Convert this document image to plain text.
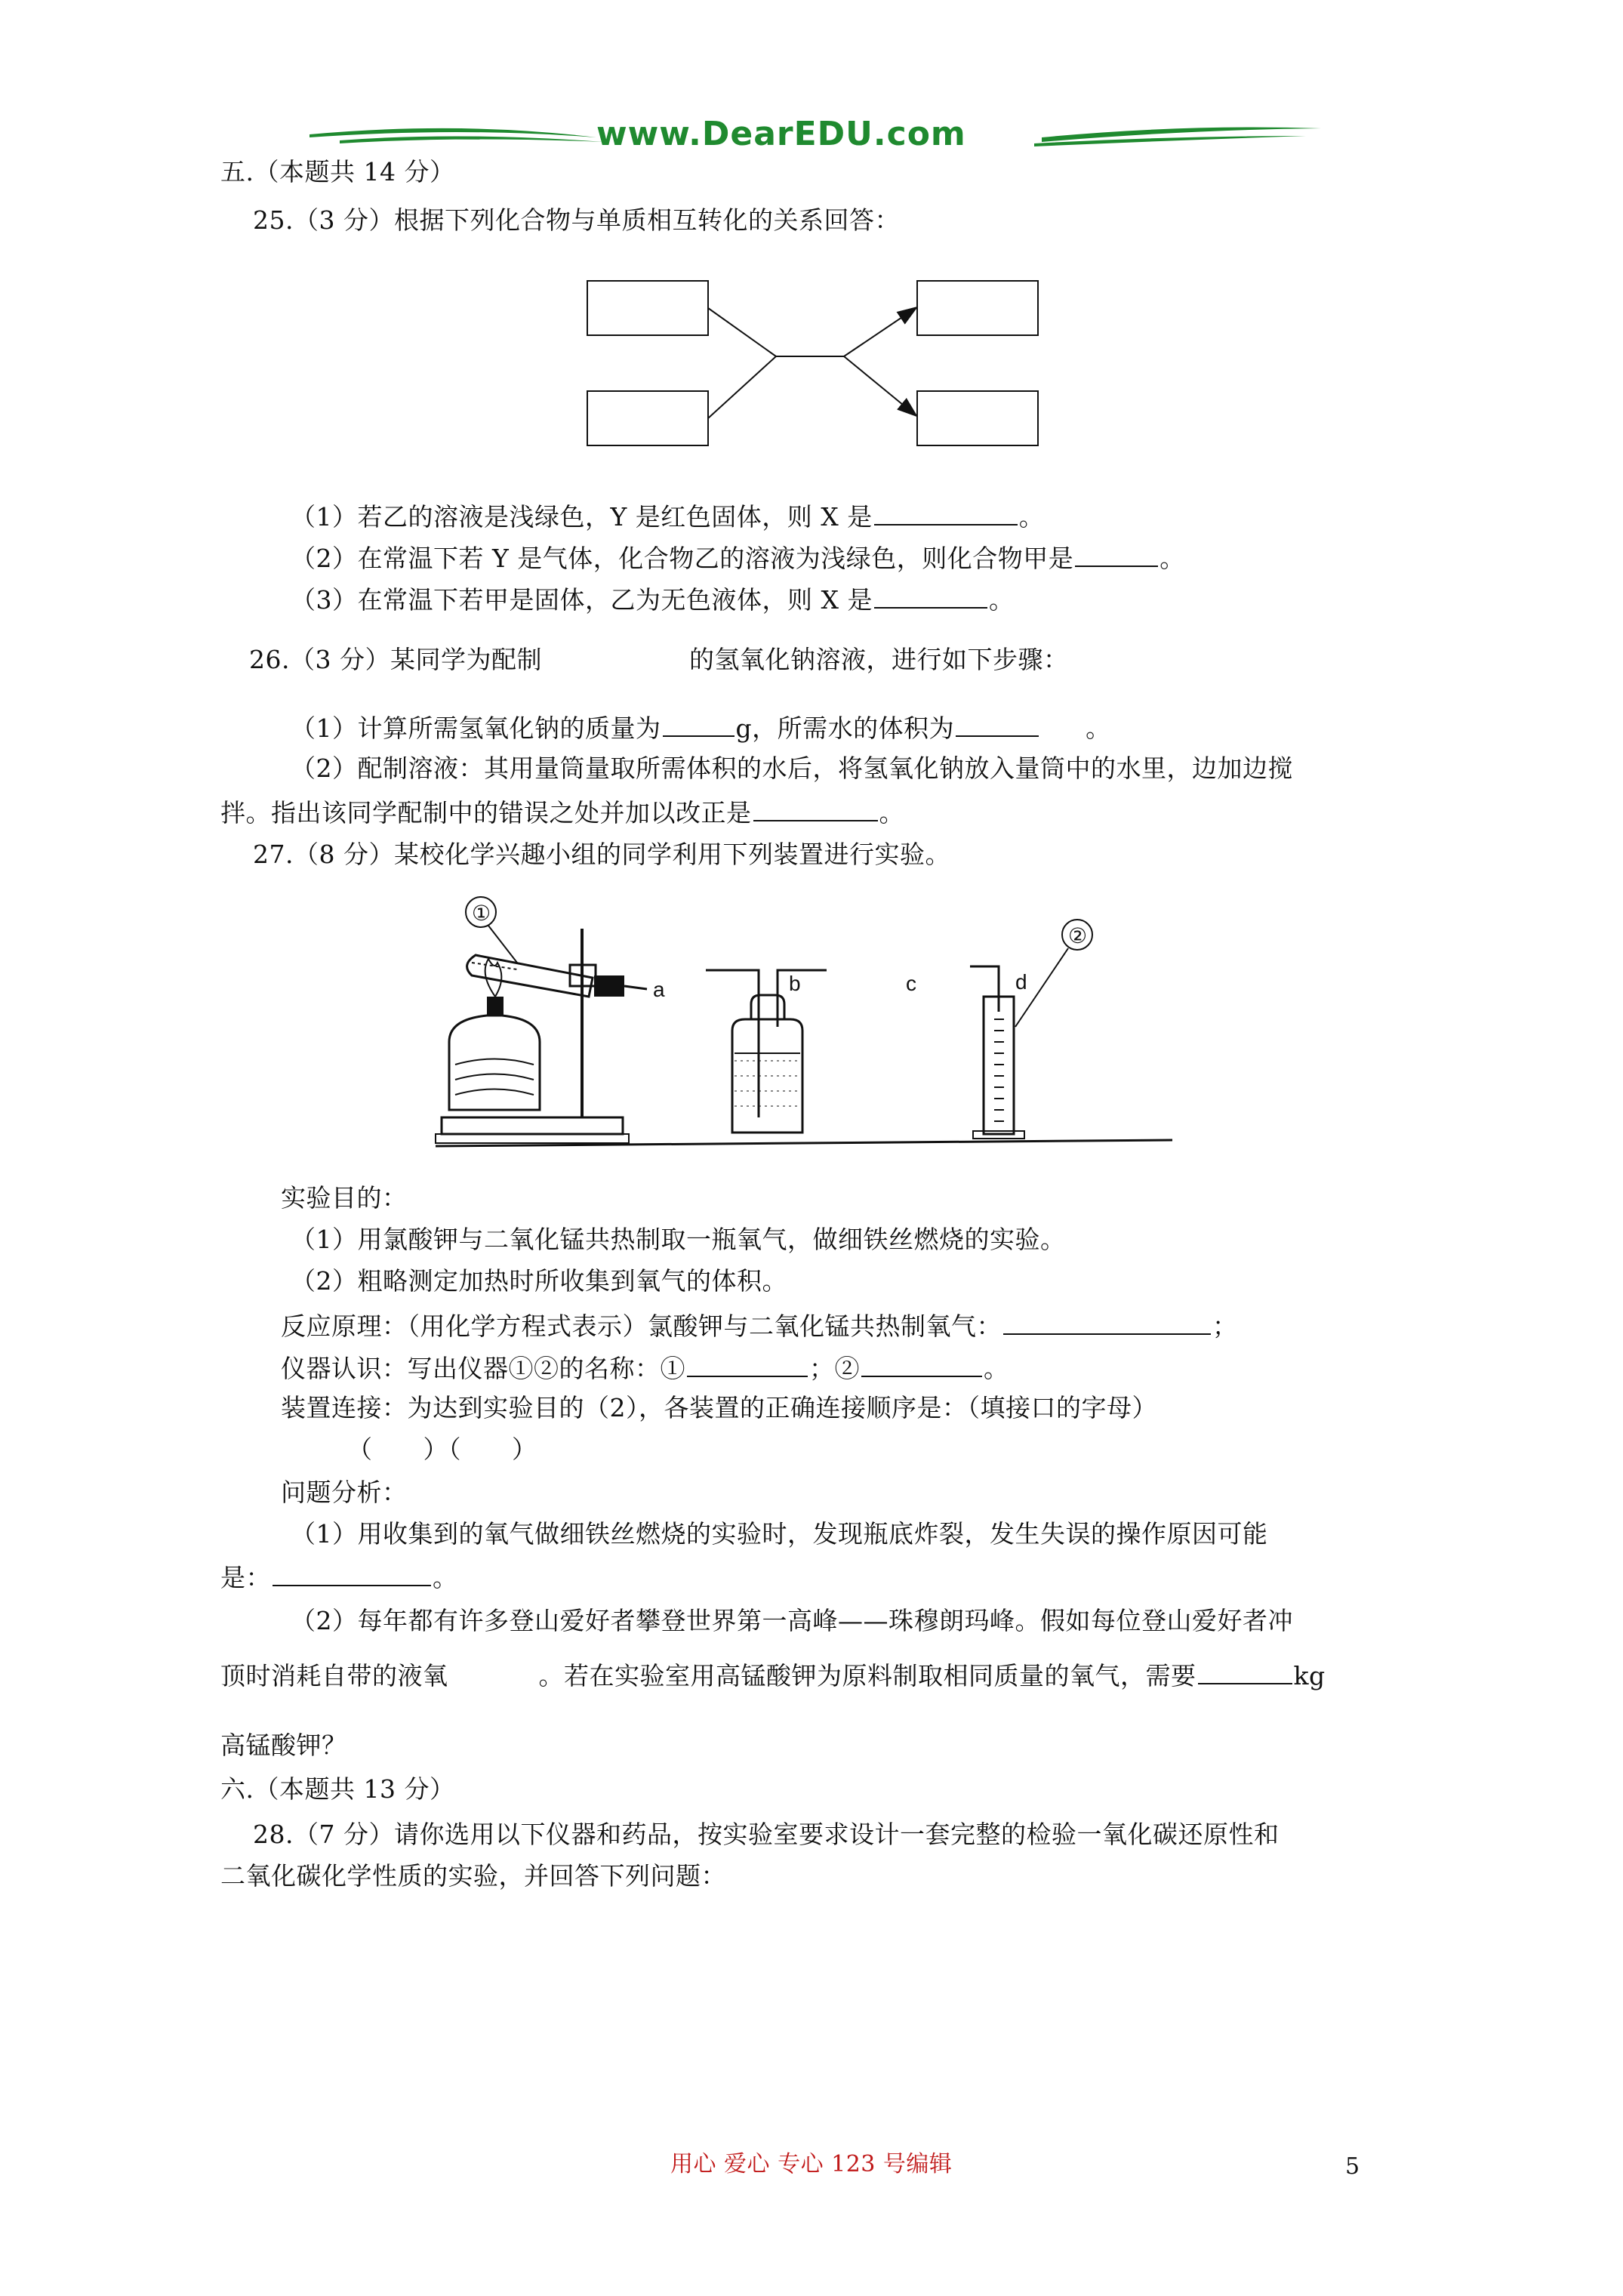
www.DearEDU.com
五.（本题共 14 分）
25.（3 分）根据下列化合物与单质相互转化的关系回答：
（1）若乙的溶液是浅绿色，Y 是红色固体，则 X 是	。
（2）在常温下若 Y 是气体，化合物乙的溶液为浅绿色，则化合物甲是	。
（3）在常温下若甲是固体，乙为无色液体，则 X 是	。
26.（3 分）某同学为配制	的氢氧化钠溶液，进行如下步骤：
（1）计算所需氢氧化钠的质量为	g，所需水的体积为	。
（2）配制溶液：其用量筒量取所需体积的水后，将氢氧化钠放入量筒中的水里，边加边搅
拌。指出该同学配制中的错误之处并加以改正是	。
27.（8 分）某校化学兴趣小组的同学利用下列装置进行实验。
①
②
a	b	c	d
实验目的：
（1）用氯酸钾与二氧化锰共热制取一瓶氧气，做细铁丝燃烧的实验。
（2）粗略测定加热时所收集到氧气的体积。
反应原理：（用化学方程式表示）氯酸钾与二氧化锰共热制氧气：	；
仪器认识：写出仪器①②的名称：①	；②	。
装置连接：为达到实验目的（2），各装置的正确连接顺序是：（填接口的字母）
（　　）（　　）
问题分析：
（1）用收集到的氧气做细铁丝燃烧的实验时，发现瓶底炸裂，发生失误的操作原因可能
是：	。
（2）每年都有许多登山爱好者攀登世界第一高峰——珠穆朗玛峰。假如每位登山爱好者冲
顶时消耗自带的液氧	。若在实验室用高锰酸钾为原料制取相同质量的氧气，需要	kg
高锰酸钾？
六.（本题共 13 分）
28.（7 分）请你选用以下仪器和药品，按实验室要求设计一套完整的检验一氧化碳还原性和
二氧化碳化学性质的实验，并回答下列问题：
用心 爱心 专心 123 号编辑	5
